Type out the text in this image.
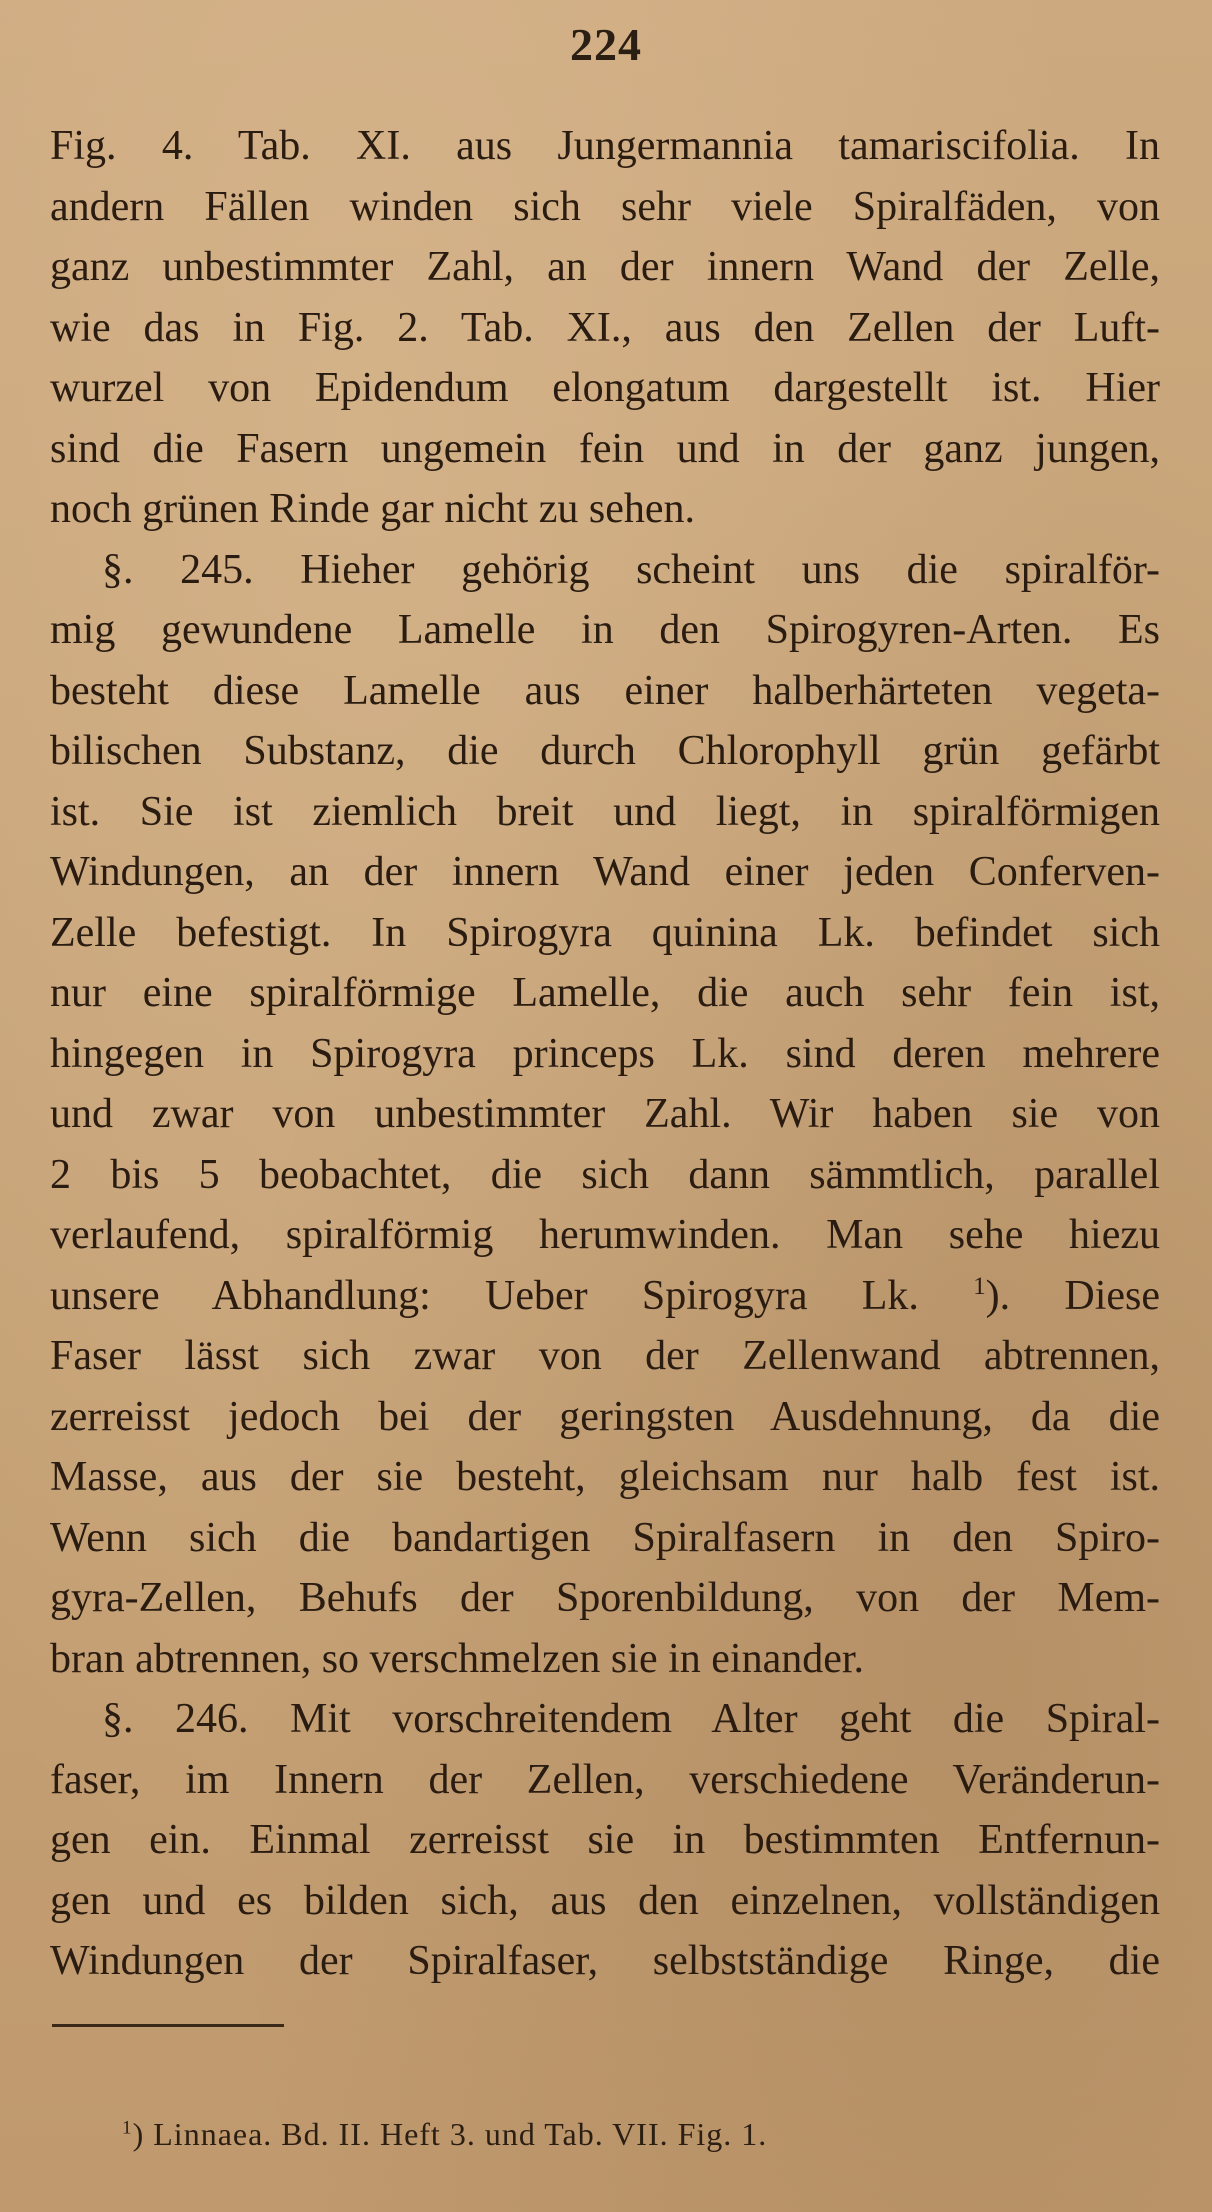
224
Fig. 4. Tab. XI. aus Jungermannia tamariscifolia. In
andern Fällen winden sich sehr viele Spiralfäden, von
ganz unbestimmter Zahl, an der innern Wand der Zelle,
wie das in Fig. 2. Tab. XI., aus den Zellen der Luft-
wurzel von Epidendum elongatum dargestellt ist. Hier
sind die Fasern ungemein fein und in der ganz jungen,
noch grünen Rinde gar nicht zu sehen.
§. 245. Hieher gehörig scheint uns die spiralför-
mig gewundene Lamelle in den Spirogyren-Arten. Es
besteht diese Lamelle aus einer halberhärteten vegeta-
bilischen Substanz, die durch Chlorophyll grün gefärbt
ist. Sie ist ziemlich breit und liegt, in spiralförmigen
Windungen, an der innern Wand einer jeden Conferven-
Zelle befestigt. In Spirogyra quinina Lk. befindet sich
nur eine spiralförmige Lamelle, die auch sehr fein ist,
hingegen in Spirogyra princeps Lk. sind deren mehrere
und zwar von unbestimmter Zahl. Wir haben sie von
2 bis 5 beobachtet, die sich dann sämmtlich, parallel
verlaufend, spiralförmig herumwinden. Man sehe hiezu
unsere Abhandlung: Ueber Spirogyra Lk. $^1$). Diese
Faser lässt sich zwar von der Zellenwand abtrennen,
zerreisst jedoch bei der geringsten Ausdehnung, da die
Masse, aus der sie besteht, gleichsam nur halb fest ist.
Wenn sich die bandartigen Spiralfasern in den Spiro-
gyra-Zellen, Behufs der Sporenbildung, von der Mem-
bran abtrennen, so verschmelzen sie in einander.
§. 246. Mit vorschreitendem Alter geht die Spiral-
faser, im Innern der Zellen, verschiedene Veränderun-
gen ein. Einmal zerreisst sie in bestimmten Entfernun-
gen und es bilden sich, aus den einzelnen, vollständigen
Windungen der Spiralfaser, selbstständige Ringe, die
$^1$) Linnaea. Bd. II. Heft 3. und Tab. VII. Fig. 1.
